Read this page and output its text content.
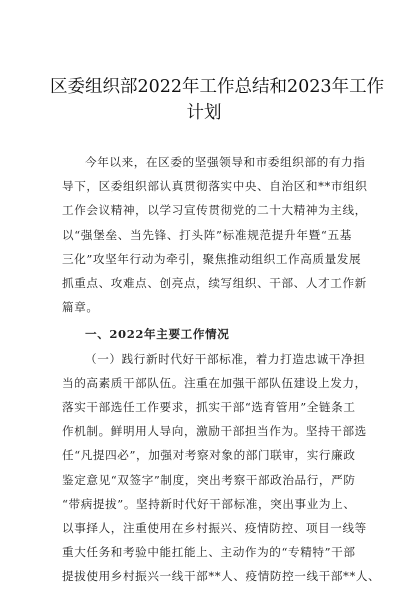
区委组织部2022年工作总结和2023年工作
计划
今年以来，在区委的坚强领导和市委组织部的有力指
导下，区委组织部认真贯彻落实中央、自治区和**市组织
工作会议精神，以学习宣传贯彻党的二十大精神为主线，
以“强堡垒、当先锋、打头阵”标准规范提升年暨“五基
三化”攻坚年行动为牵引，聚焦推动组织工作高质量发展
抓重点、攻难点、创亮点，续写组织、干部、人才工作新
篇章。
一、2022年主要工作情况
（一）践行新时代好干部标准，着力打造忠诚干净担
当的高素质干部队伍。注重在加强干部队伍建设上发力，
落实干部选任工作要求，抓实干部“选育管用”全链条工
作机制。鲜明用人导向，激励干部担当作为。坚持干部选
任“凡提四必”，加强对考察对象的部门联审，实行廉政
鉴定意见“双签字”制度，突出考察干部政治品行，严防
“带病提拔”。坚持新时代好干部标准，突出事业为上、
以事择人，注重使用在乡村振兴、疫情防控、项目一线等
重大任务和考验中能扛能上、主动作为的“专精特”干部
提拔使用乡村振兴一线干部**人、疫情防控一线干部**人、
